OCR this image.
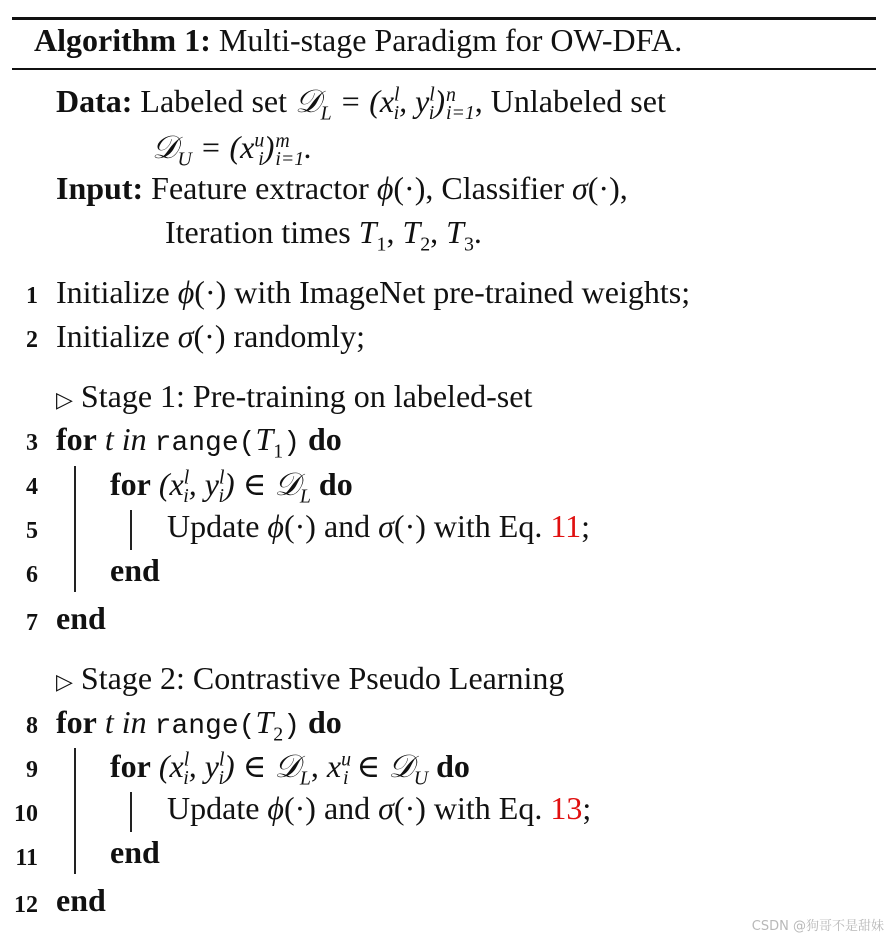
Algorithm 1: Multi-stage Paradigm for OW-DFA.
Data: Labeled set 𝒟$_L$ = ($x^l_i$, $y^l_i$) n
i=1 , Unlabeled set
𝒟$_U$ = $(x^u_i)$ m
i=1 .
Input: Feature extractor ϕ(·), Classifier σ(·),
Iteration times $T_1$, $T_2$, $T_3$.
1 Initialize ϕ(·) with ImageNet pre-trained weights;
2 Initialize σ(·) randomly;
▷ Stage 1: Pre-training on labeled-set
3 for t in $range(T_1)$ do
4 for ($x^l_i$, $y^l_i$) ∈ 𝒟$_L$ do
5	Update ϕ(·) and σ(·) with Eq. 11;
6 end
7 end
▷ Stage 2: Contrastive Pseudo Learning
8 for t in $range(T_2)$ do
9 for ($x^l_i$, $y^l_i$) ∈ 𝒟$_L$, $x^u_i$ ∈ 𝒟$_U$ do
10	Update ϕ(·) and σ(·) with Eq. 13;
11 end
12 end
CSDN @狗哥不是甜妹
